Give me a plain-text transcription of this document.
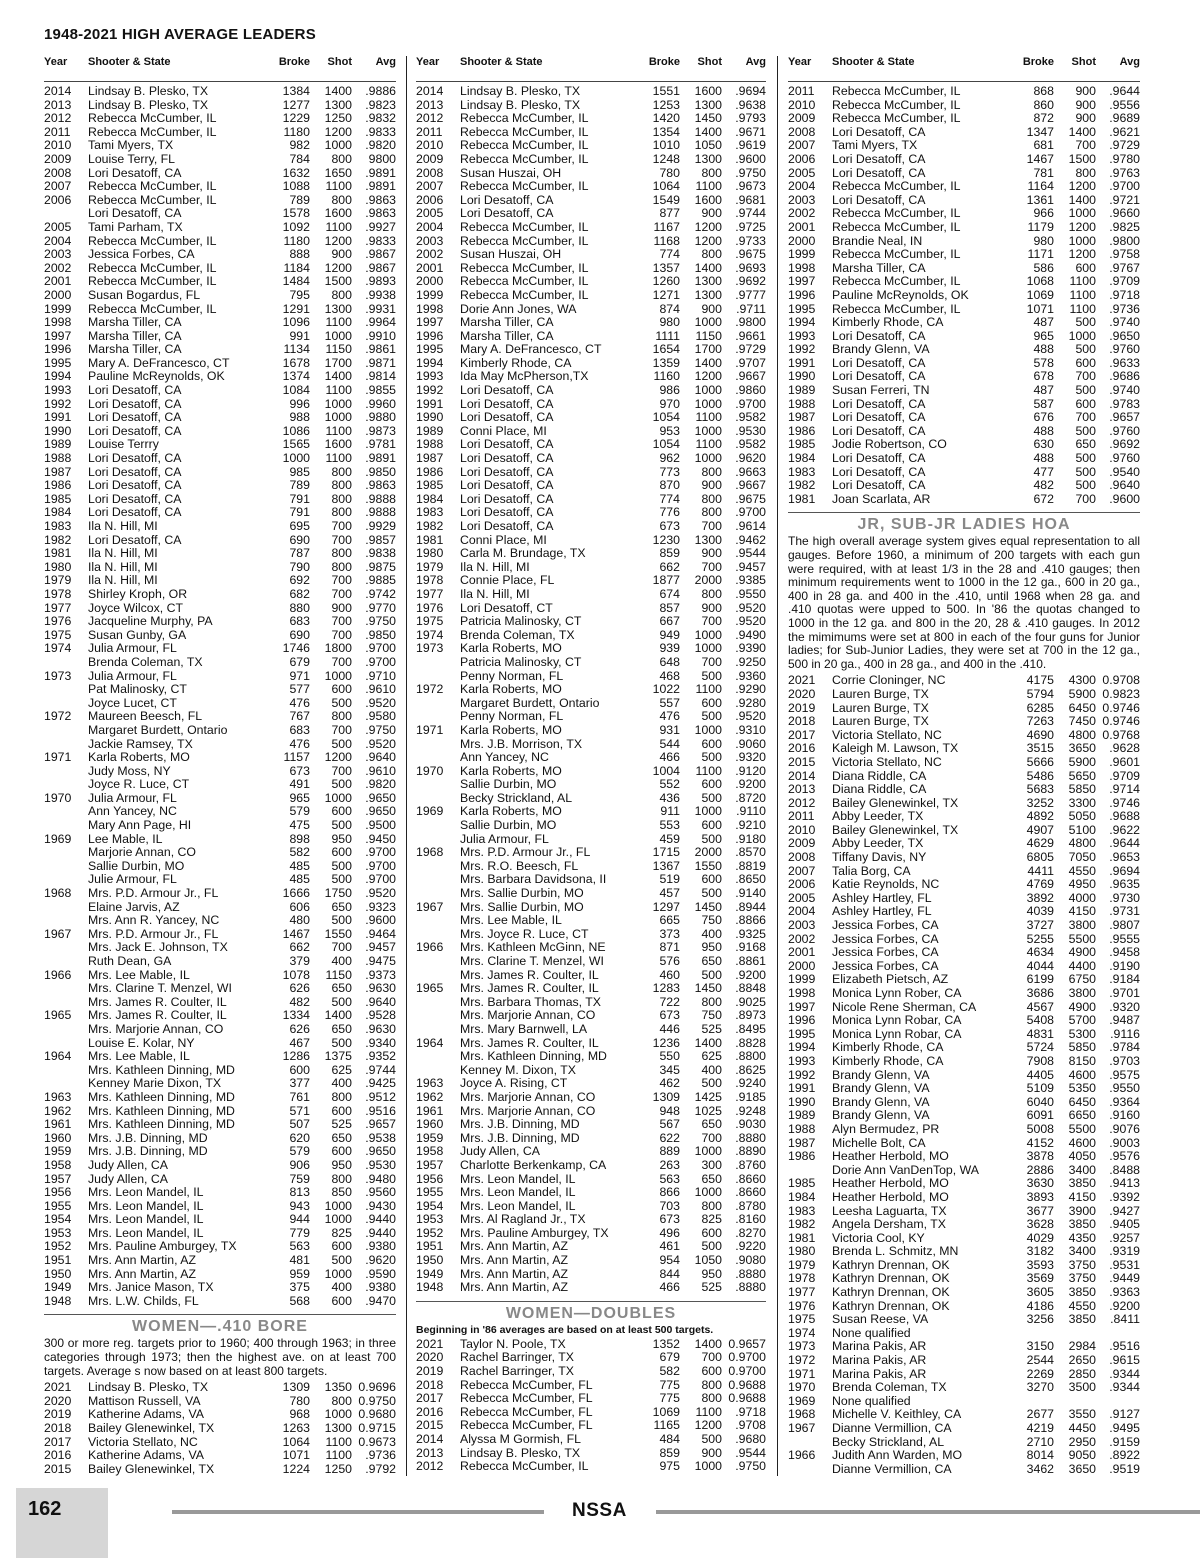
1948-2021 HIGH AVERAGE LEADERS
Year	Shooter & State	Broke	Shot	Avg
2014	Lindsay B. Plesko, TX	1384	1400	.9886
2013	Lindsay B. Plesko, TX	1277	1300	.9823
2012	Rebecca McCumber, IL	1229	1250	.9832
2011	Rebecca McCumber, IL	1180	1200	.9833
2010	Tami Myers, TX	982	1000	.9820
2009	Louise Terry, FL	784	800	9800
2008	Lori Desatoff, CA	1632	1650	.9891
2007	Rebecca McCumber, IL	1088	1100	.9891
2006	Rebecca McCumber, IL	789	800	.9863
Lori Desatoff, CA	1578	1600	.9863
2005	Tami Parham, TX	1092	1100	.9927
2004	Rebecca McCumber, IL	1180	1200	.9833
2003	Jessica Forbes, CA	888	900	.9867
2002	Rebecca McCumber, IL	1184	1200	.9867
2001	Rebecca McCumber, IL	1484	1500	.9893
2000	Susan Bogardus, FL	795	800	.9938
1999	Rebecca McCumber, IL	1291	1300	.9931
1998	Marsha Tiller, CA	1096	1100	.9964
1997	Marsha Tiller, CA	991	1000	.9910
1996	Marsha Tiller, CA	1134	1150	.9861
1995	Mary A. DeFrancesco, CT	1678	1700	.9871
1994	Pauline McReynolds, OK	1374	1400	.9814
1993	Lori Desatoff, CA	1084	1100	.9855
1992	Lori Desatoff, CA	996	1000	.9960
1991	Lori Desatoff, CA	988	1000	.9880
1990	Lori Desatoff, CA	1086	1100	.9873
1989	Louise Terrry	1565	1600	.9781
1988	Lori Desatoff, CA	1000	1100	.9891
1987	Lori Desatoff, CA	985	800	.9850
1986	Lori Desatoff, CA	789	800	.9863
1985	Lori Desatoff, CA	791	800	.9888
1984	Lori Desatoff, CA	791	800	.9888
1983	Ila N. Hill, MI	695	700	.9929
1982	Lori Desatoff, CA	690	700	.9857
1981	Ila N. Hill, MI	787	800	.9838
1980	Ila N. Hill, MI	790	800	.9875
1979	Ila N. Hill, MI	692	700	.9885
1978	Shirley Kroph, OR	682	700	.9742
1977	Joyce Wilcox, CT	880	900	.9770
1976	Jacqueline Murphy, PA	683	700	.9750
1975	Susan Gunby, GA	690	700	.9850
1974	Julia Armour, FL	1746	1800	.9700
Brenda Coleman, TX	679	700	.9700
1973	Julia Armour, FL	971	1000	.9710
Pat Malinosky, CT	577	600	.9610
Joyce Lucet, CT	476	500	.9520
1972	Maureen Beesch, FL	767	800	.9580
Margaret Burdett, Ontario	683	700	.9750
Jackie Ramsey, TX	476	500	.9520
1971	Karla Roberts, MO	1157	1200	.9640
Judy Moss, NY	673	700	.9610
Joyce R. Luce, CT	491	500	.9820
1970	Julia Armour, FL	965	1000	.9650
Ann Yancey, NC	579	600	.9650
Mary Ann Page, HI	475	500	.9500
1969	Lee Mable, IL	898	950	.9450
Marjorie Annan, CO	582	600	.9700
Sallie Durbin, MO	485	500	.9700
Julie Armour, FL	485	500	.9700
1968	Mrs. P.D. Armour Jr., FL	1666	1750	.9520
Elaine Jarvis, AZ	606	650	.9323
Mrs. Ann R. Yancey, NC	480	500	.9600
1967	Mrs. P.D. Armour Jr., FL	1467	1550	.9464
Mrs. Jack E. Johnson, TX	662	700	.9457
Ruth Dean, GA	379	400	.9475
1966	Mrs. Lee Mable, IL	1078	1150	.9373
Mrs. Clarine T. Menzel, WI	626	650	.9630
Mrs. James R. Coulter, IL	482	500	.9640
1965	Mrs. James R. Coulter, IL	1334	1400	.9528
Mrs. Marjorie Annan, CO	626	650	.9630
Louise E. Kolar, NY	467	500	.9340
1964	Mrs. Lee Mable, IL	1286	1375	.9352
Mrs. Kathleen Dinning, MD	600	625	.9744
Kenney Marie Dixon, TX	377	400	.9425
1963	Mrs. Kathleen Dinning, MD	761	800	.9512
1962	Mrs. Kathleen Dinning, MD	571	600	.9516
1961	Mrs. Kathleen Dinning, MD	507	525	.9657
1960	Mrs. J.B. Dinning, MD	620	650	.9538
1959	Mrs. J.B. Dinning, MD	579	600	.9650
1958	Judy Allen, CA	906	950	.9530
1957	Judy Allen, CA	759	800	.9480
1956	Mrs. Leon Mandel, IL	813	850	.9560
1955	Mrs. Leon Mandel, IL	943	1000	.9430
1954	Mrs. Leon Mandel, IL	944	1000	.9440
1953	Mrs. Leon Mandel, IL	779	825	.9440
1952	Mrs. Pauline Amburgey, TX	563	600	.9380
1951	Mrs. Ann Martin, AZ	481	500	.9620
1950	Mrs. Ann Martin, AZ	959	1000	.9590
1949	Mrs. Janice Mason, TX	375	400	.9380
1948	Mrs. L.W. Childs, FL	568	600	.9470
WOMEN—.410 BORE
300 or more reg. targets prior to 1960; 400 through 1963; in three categories through 1973; then the highest ave. on at least 700 targets. Average s now based on at least 800 targets.
2021	Lindsay B. Plesko, TX	1309	1350 0.9696
2020	Mattison Russell, VA	780	800 0.9750
2019	Katherine Adams, VA	968	1000 0.9680
2018	Bailey Glenewinkel, TX	1263	1300 0.9715
2017	Victoria Stellato, NC	1064	1100 0.9673
2016	Katherine Adams, VA	1071	1100	.9736
2015	Bailey Glenewinkel, TX	1224	1250	.9792
Year	Shooter & State	Broke	Shot	Avg
2014	Lindsay B. Plesko, TX	1551	1600	.9694
2013	Lindsay B. Plesko, TX	1253	1300	.9638
2012	Rebecca McCumber, IL	1420	1450	.9793
2011	Rebecca McCumber, IL	1354	1400	.9671
2010	Rebecca McCumber, IL	1010	1050	.9619
2009	Rebecca McCumber, IL	1248	1300	.9600
2008	Susan Huszai, OH	780	800	.9750
2007	Rebecca McCumber, IL	1064	1100	.9673
2006	Lori Desatoff, CA	1549	1600	.9681
2005	Lori Desatoff, CA	877	900	.9744
2004	Rebecca McCumber, IL	1167	1200	.9725
2003	Rebecca McCumber, IL	1168	1200	.9733
2002	Susan Huszai, OH	774	800	.9675
2001	Rebecca McCumber, IL	1357	1400	.9693
2000	Rebecca McCumber, IL	1260	1300	.9692
1999	Rebecca McCumber, IL	1271	1300	.9777
1998	Dorie Ann Jones, WA	874	900	.9711
1997	Marsha Tiller, CA	980	1000	.9800
1996	Marsha Tiller, CA	1111	1150	.9661
1995	Mary A. DeFrancesco, CT	1654	1700	.9729
1994	Kimberly Rhode, CA	1359	1400	.9707
1993	Ida May McPherson,TX	1160	1200	.9667
1992	Lori Desatoff, CA	986	1000	.9860
1991	Lori Desatoff, CA	970	1000	.9700
1990	Lori Desatoff, CA	1054	1100	.9582
1989	Conni Place, MI	953	1000	.9530
1988	Lori Desatoff, CA	1054	1100	.9582
1987	Lori Desatoff, CA	962	1000	.9620
1986	Lori Desatoff, CA	773	800	.9663
1985	Lori Desatoff, CA	870	900	.9667
1984	Lori Desatoff, CA	774	800	.9675
1983	Lori Desatoff, CA	776	800	.9700
1982	Lori Desatoff, CA	673	700	.9614
1981	Conni Place, MI	1230	1300	.9462
1980	Carla M. Brundage, TX	859	900	.9544
1979	Ila N. Hill, MI	662	700	.9457
1978	Connie Place, FL	1877	2000	.9385
1977	Ila N. Hill, MI	674	800	.9550
1976	Lori Desatoff, CT	857	900	.9520
1975	Patricia Malinosky, CT	667	700	.9520
1974	Brenda Coleman, TX	949	1000	.9490
1973	Karla Roberts, MO	939	1000	.9390
Patricia Malinosky, CT	648	700	.9250
Penny Norman, FL	468	500	.9360
1972	Karla Roberts, MO	1022	1100	.9290
Margaret Burdett, Ontario	557	600	.9280
Penny Norman, FL	476	500	.9520
1971	Karla Roberts, MO	931	1000	.9310
Mrs. J.B. Morrison, TX	544	600	.9060
Ann Yancey, NC	466	500	.9320
1970	Karla Roberts, MO	1004	1100	.9120
Sallie Durbin, MO	552	600	.9200
Becky Strickland, AL	436	500	.8720
1969	Karla Roberts, MO	911	1000	.9110
Sallie Durbin, MO	553	600	.9210
Julia Armour, FL	459	500	.9180
1968	Mrs. P.D. Armour Jr., FL	1715	2000	.8570
Mrs. R.O. Beesch, FL	1367	1550	.8819
Mrs. Barbara Davidsona, II	519	600	.8650
Mrs. Sallie Durbin, MO	457	500	.9140
1967	Mrs. Sallie Durbin, MO	1297	1450	.8944
Mrs. Lee Mable, IL	665	750	.8866
Mrs. Joyce R. Luce, CT	373	400	.9325
1966	Mrs. Kathleen McGinn, NE	871	950	.9168
Mrs. Clarine T. Menzel, WI	576	650	.8861
Mrs. James R. Coulter, IL	460	500	.9200
1965	Mrs. James R. Coulter, IL	1283	1450	.8848
Mrs. Barbara Thomas, TX	722	800	.9025
Mrs. Marjorie Annan, CO	673	750	.8973
Mrs. Mary Barnwell, LA	446	525	.8495
1964	Mrs. James R. Coulter, IL	1236	1400	.8828
Mrs. Kathleen Dinning, MD	550	625	.8800
Kenney M. Dixon, TX	345	400	.8625
1963	Joyce A. Rising, CT	462	500	.9240
1962	Mrs. Marjorie Annan, CO	1309	1425	.9185
1961	Mrs. Marjorie Annan, CO	948	1025	.9248
1960	Mrs. J.B. Dinning, MD	567	650	.9030
1959	Mrs. J.B. Dinning, MD	622	700	.8880
1958	Judy Allen, CA	889	1000	.8890
1957	Charlotte Berkenkamp, CA	263	300	.8760
1956	Mrs. Leon Mandel, IL	563	650	.8660
1955	Mrs. Leon Mandel, IL	866	1000	.8660
1954	Mrs. Leon Mandel, IL	703	800	.8780
1953	Mrs. Al Ragland Jr., TX	673	825	.8160
1952	Mrs. Pauline Amburgey, TX	496	600	.8270
1951	Mrs. Ann Martin, AZ	461	500	.9220
1950	Mrs. Ann Martin, AZ	954	1050	.9080
1949	Mrs. Ann Martin, AZ	844	950	.8880
1948	Mrs. Ann Martin, AZ	466	525	.8880
WOMEN—DOUBLES
Beginning in '86 averages are based on at least 500 targets.
2021	Taylor N. Poole, TX	1352	1400 0.9657
2020	Rachel Barringer, TX	679	700 0.9700
2019	Rachel Barringer, TX	582	600 0.9700
2018	Rebecca McCumber, FL	775	800 0.9688
2017	Rebecca McCumber, FL	775	800 0.9688
2016	Rebecca McCumber, FL	1069	1100	.9718
2015	Rebecca McCumber, FL	1165	1200	.9708
2014	Alyssa M Gormish, FL	484	500	.9680
2013	Lindsay B. Plesko, TX	859	900	.9544
2012	Rebecca McCumber, IL	975	1000	.9750
Year	Shooter & State	Broke	Shot	Avg
2011	Rebecca McCumber, IL	868	900	.9644
2010	Rebecca McCumber, IL	860	900	.9556
2009	Rebecca McCumber, IL	872	900	.9689
2008	Lori Desatoff, CA	1347	1400	.9621
2007	Tami Myers, TX	681	700	.9729
2006	Lori Desatoff, CA	1467	1500	.9780
2005	Lori Desatoff, CA	781	800	.9763
2004	Rebecca McCumber, IL	1164	1200	.9700
2003	Lori Desatoff, CA	1361	1400	.9721
2002	Rebecca McCumber, IL	966	1000	.9660
2001	Rebecca McCumber, IL	1179	1200	.9825
2000	Brandie Neal, IN	980	1000	.9800
1999	Rebecca McCumber, IL	1171	1200	.9758
1998	Marsha Tiller, CA	586	600	.9767
1997	Rebecca McCumber, IL	1068	1100	.9709
1996	Pauline McReynolds, OK	1069	1100	.9718
1995	Rebecca McCumber, IL	1071	1100	.9736
1994	Kimberly Rhode, CA	487	500	.9740
1993	Lori Desatoff, CA	965	1000	.9650
1992	Brandy Glenn, VA	488	500	.9760
1991	Lori Desatoff, CA	578	600	.9633
1990	Lori Desatoff, CA	678	700	.9686
1989	Susan Ferreri, TN	487	500	.9740
1988	Lori Desatoff, CA	587	600	.9783
1987	Lori Desatoff, CA	676	700	.9657
1986	Lori Desatoff, CA	488	500	.9760
1985	Jodie Robertson, CO	630	650	.9692
1984	Lori Desatoff, CA	488	500	.9760
1983	Lori Desatoff, CA	477	500	.9540
1982	Lori Desatoff, CA	482	500	.9640
1981	Joan Scarlata, AR	672	700	.9600
JR, SUB-JR LADIES HOA
The high overall average system gives equal representation to all gauges. Before 1960, a minimum of 200 targets with each gun were required, with at least 1/3 in the 28 and .410 gauges; then minimum requirements went to 1000 in the 12 ga., 600 in 20 ga., 400 in 28 ga. and 400 in the .410, until 1968 when 28 ga. and .410 quotas were upped to 500. In '86 the quotas changed to 1000 in the 12 ga. and 800 in the 20, 28 & .410 gauges. In 2012 the mimimums were set at 800 in each of the four guns for Junior ladies; for Sub-Junior Ladies, they were set at 700 in the 12 ga., 500 in 20 ga., 400 in 28 ga., and 400 in the .410.
2021	Corrie Cloninger, NC	4175	4300 0.9708
2020	Lauren Burge, TX	5794	5900 0.9823
2019	Lauren Burge, TX	6285	6450 0.9746
2018	Lauren Burge, TX	7263	7450 0.9746
2017	Victoria Stellato, NC	4690	4800 0.9768
2016	Kaleigh M. Lawson, TX	3515	3650	.9628
2015	Victoria Stellato, NC	5666	5900	.9601
2014	Diana Riddle, CA	5486	5650	.9709
2013	Diana Riddle, CA	5683	5850	.9714
2012	Bailey Glenewinkel, TX	3252	3300	.9746
2011	Abby Leeder, TX	4892	5050	.9688
2010	Bailey Glenewinkel, TX	4907	5100	.9622
2009	Abby Leeder, TX	4629	4800	.9644
2008	Tiffany Davis, NY	6805	7050	.9653
2007	Talia Borg, CA	4411	4550	.9694
2006	Katie Reynolds, NC	4769	4950	.9635
2005	Ashley Hartley, FL	3892	4000	.9730
2004	Ashley Hartley, FL	4039	4150	.9731
2003	Jessica Forbes, CA	3727	3800	.9807
2002	Jessica Forbes, CA	5255	5500	.9555
2001	Jessica Forbes, CA	4634	4900	.9458
2000	Jessica Forbes, CA	4044	4400	.9190
1999	Elizabeth Pietsch, AZ	6199	6750	.9184
1998	Monica Lynn Rober, CA	3686	3800	.9701
1997	Nicole Rene Sherman, CA	4567	4900	.9320
1996	Monica Lynn Robar, CA	5408	5700	.9487
1995	Monica Lynn Robar, CA	4831	5300	.9116
1994	Kimberly Rhode, CA	5724	5850	.9784
1993	Kimberly Rhode, CA	7908	8150	.9703
1992	Brandy Glenn, VA	4405	4600	.9575
1991	Brandy Glenn, VA	5109	5350	.9550
1990	Brandy Glenn, VA	6040	6450	.9364
1989	Brandy Glenn, VA	6091	6650	.9160
1988	Alyn Bermudez, PR	5008	5500	.9076
1987	Michelle Bolt, CA	4152	4600	.9003
1986	Heather Herbold, MO	3878	4050	.9576
Dorie Ann VanDenTop, WA	2886	3400	.8488
1985	Heather Herbold, MO	3630	3850	.9413
1984	Heather Herbold, MO	3893	4150	.9392
1983	Leesha Laguarta, TX	3677	3900	.9427
1982	Angela Dersham, TX	3628	3850	.9405
1981	Victoria Cool, KY	4029	4350	.9257
1980	Brenda L. Schmitz, MN	3182	3400	.9319
1979	Kathryn Drennan, OK	3593	3750	.9531
1978	Kathryn Drennan, OK	3569	3750	.9449
1977	Kathryn Drennan, OK	3605	3850	.9363
1976	Kathryn Drennan, OK	4186	4550	.9200
1975	Susan Reese, VA	3256	3850	.8411
1974	None qualified
1973	Marina Pakis, AR	3150	2984	.9516
1972	Marina Pakis, AR	2544	2650	.9615
1971	Marina Pakis, AR	2269	2850	.9344
1970	Brenda Coleman, TX	3270	3500	.9344
1969	None qualified
1968	Michelle V. Keithley, CA	2677	3550	.9127
1967	Dianne Vermillion, CA	4219	4450	.9495
Becky Strickland, AL	2710	2950	.9159
1966	Judith Ann Warden, MO	8014	9050	.8922
Dianne Vermillion, CA	3462	3650	.9519
162	NSSA
